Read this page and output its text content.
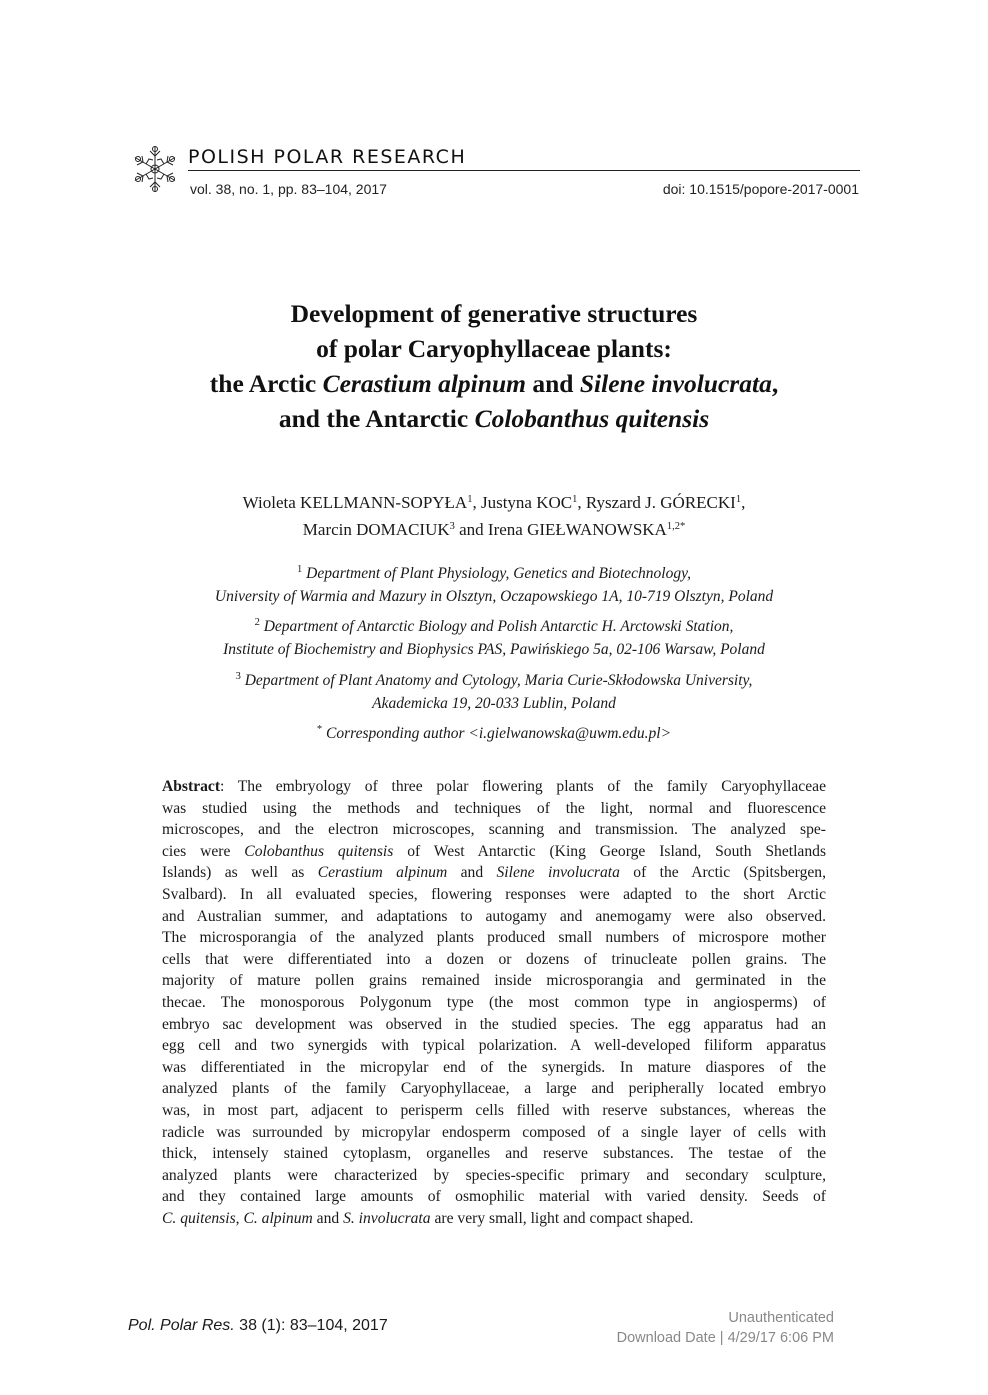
POLISH POLAR RESEARCH
vol. 38, no. 1, pp. 83–104, 2017	doi: 10.1515/popore-2017-0001
Development of generative structures
of polar Caryophyllaceae plants:
the Arctic Cerastium alpinum and Silene involucrata,
and the Antarctic Colobanthus quitensis
Wioleta KELLMANN-SOPYŁA$^1$, Justyna KOC$^1$, Ryszard J. GÓRECKI$^1$,
Marcin DOMACIUK$^3$ and Irena $GIEŁWANOWSKA^{1,2*}$
$^1$ Department of Plant Physiology, Genetics and Biotechnology,
University of Warmia and Mazury in Olsztyn, Oczapowskiego 1A, 10-719 Olsztyn, Poland
$^2$ Department of Antarctic Biology and Polish Antarctic H. Arctowski Station,
Institute of Biochemistry and Biophysics PAS, Pawińskiego 5a, 02-106 Warsaw, Poland
$^3$ Department of Plant Anatomy and Cytology, Maria Curie-Skłodowska University,
Akademicka 19, 20-033 Lublin, Poland
* Corresponding author <i.gielwanowska@uwm.edu.pl>
Abstract: The embryology of three polar flowering plants of the family Caryophyllaceae
was studied using the methods and techniques of the light, normal and fluorescence
microscopes, and the electron microscopes, scanning and transmission. The analyzed spe-
cies were Colobanthus quitensis of West Antarctic (King George Island, South Shetlands
Islands) as well as Cerastium alpinum and Silene involucrata of the Arctic (Spitsbergen,
Svalbard). In all evaluated species, flowering responses were adapted to the short Arctic
and Australian summer, and adaptations to autogamy and anemogamy were also observed.
The microsporangia of the analyzed plants produced small numbers of microspore mother
cells that were differentiated into a dozen or dozens of trinucleate pollen grains. The
majority of mature pollen grains remained inside microsporangia and germinated in the
thecae. The monosporous Polygonum type (the most common type in angiosperms) of
embryo sac development was observed in the studied species. The egg apparatus had an
egg cell and two synergids with typical polarization. A well-developed filiform apparatus
was differentiated in the micropylar end of the synergids. In mature diaspores of the
analyzed plants of the family Caryophyllaceae, a large and peripherally located embryo
was, in most part, adjacent to perisperm cells filled with reserve substances, whereas the
radicle was surrounded by micropylar endosperm composed of a single layer of cells with
thick, intensely stained cytoplasm, organelles and reserve substances. The testae of the
analyzed plants were characterized by species-specific primary and secondary sculpture,
and they contained large amounts of osmophilic material with varied density. Seeds of
C. quitensis, C. alpinum and S. involucrata are very small, light and compact shaped.
Pol. Polar Res. 38 (1): 83–104, 2017	Unauthenticated
Download Date | 4/29/17 6:06 PM
